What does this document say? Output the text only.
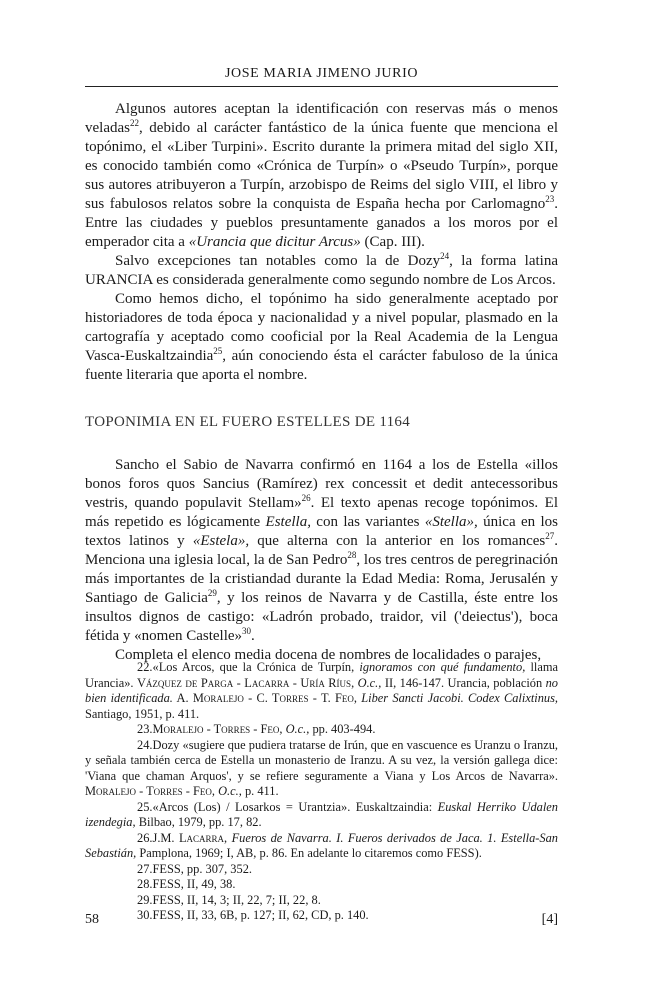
JOSE MARIA JIMENO JURIO

Algunos autores aceptan la identificación con reservas más o menos veladas$^{22}$, debido al carácter fantástico de la única fuente que menciona el topónimo, el «Liber Turpini». Escrito durante la primera mitad del siglo XII, es conocido también como «Crónica de Turpín» o «Pseudo Turpín», porque sus autores atribuyeron a Turpín, arzobispo de Reims del siglo VIII, el libro y sus fabulosos relatos sobre la conquista de España hecha por Carlomagno$^{23}$. Entre las ciudades y pueblos presuntamente ganados a los moros por el emperador cita a «Urancia que dicitur Arcus» (Cap. III).

Salvo excepciones tan notables como la de Dozy$^{24}$, la forma latina URANCIA es considerada generalmente como segundo nombre de Los Arcos.

Como hemos dicho, el topónimo ha sido generalmente aceptado por historiadores de toda época y nacionalidad y a nivel popular, plasmado en la cartografía y aceptado como cooficial por la Real Academia de la Lengua Vasca-Euskaltzaindia$^{25}$, aún conociendo ésta el carácter fabuloso de la única fuente literaria que aporta el nombre.

TOPONIMIA EN EL FUERO ESTELLES DE 1164

Sancho el Sabio de Navarra confirmó en 1164 a los de Estella «illos bonos foros quos Sancius (Ramírez) rex concessit et dedit antecessoribus vestris, quando populavit Stellam»$^{26}$. El texto apenas recoge topónimos. El más repetido es lógicamente Estella, con las variantes «Stella», única en los textos latinos y «Estela», que alterna con la anterior en los romances$^{27}$. Menciona una iglesia local, la de San Pedro$^{28}$, los tres centros de peregrinación más importantes de la cristiandad durante la Edad Media: Roma, Jerusalén y Santiago de Galicia$^{29}$, y los reinos de Navarra y de Castilla, éste entre los insultos dignos de castigo: «Ladrón probado, traidor, vil ('deiectus'), boca fétida y «nomen Castelle»$^{30}$.

Completa el elenco media docena de nombres de localidades o parajes,

22.«Los Arcos, que la Crónica de Turpín, ignoramos con qué fundamento, llama Urancia». Vázquez de Parga - Lacarra - Uría Ríus, O.c., II, 146-147. Urancia, población no bien identificada. A. Moralejo - C. Torres - T. Feo, Liber Sancti Jacobi. Codex Calixtinus, Santiago, 1951, p. 411.

23.Moralejo - Torres - Feo, O.c., pp. 403-494.

24.Dozy «sugiere que pudiera tratarse de Irún, que en vascuence es Uranzu o Iranzu, y señala también cerca de Estella un monasterio de Iranzu. A su vez, la versión gallega dice: 'Viana que chaman Arquos', y se refiere seguramente a Viana y Los Arcos de Navarra». Moralejo - Torres - Feo, O.c., p. 411.

25.«Arcos (Los) / Losarkos = Urantzia». Euskaltzaindia: Euskal Herriko Udalen izendegia, Bilbao, 1979, pp. 17, 82.

26.J.M. Lacarra, Fueros de Navarra. I. Fueros derivados de Jaca. 1. Estella-San Sebastián, Pamplona, 1969; I, AB, p. 86. En adelante lo citaremos como FESS).

27.FESS, pp. 307, 352.

28.FESS, II, 49, 38.

29.FESS, II, 14, 3; II, 22, 7; II, 22, 8.

30.FESS, II, 33, 6B, p. 127; II, 62, CD, p. 140.

58	[4]
